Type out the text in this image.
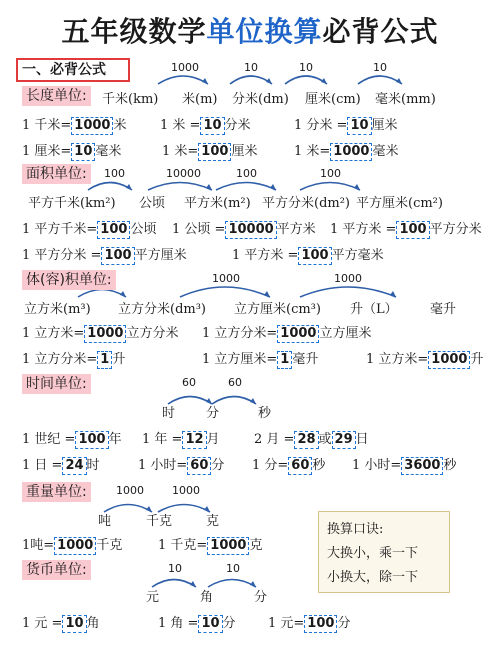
五年级数学单位换算必背公式
一、必背公式
长度单位:
1000	10	10	10
千米(km) 米(m) 分米(dm) 厘米(cm) 毫米(mm)
1 千米= 1000 米	1 米 = 10 分米	1 分米 = 10 厘米
1 厘米= 10 毫米	1 米= 100 厘米	1 米= 1000 毫米
面积单位:	100	10000	100	100
平方千米(km²) 公顷 平方米(m²) 平方分米(dm²) 平方厘米(cm²)
1 平方千米= 100 公顷 1 公顷 = 10000 平方米 1 平方米 = 100 平方分米
1 平方分米 = 100 平方厘米	1 平方米 = 100 平方毫米
体(容)积单位:	1000	1000
立方米(m³) 立方分米(dm³) 立方厘米(cm³) 升（L） 毫升
1 立方米= 1000 立方分米 1 立方分米= 1000 立方厘米
1 立方分米= 1 升	1 立方厘米= 1 毫升	1 立方米= 1000 升
时间单位:	60	60
时 分	秒
1 世纪 = 100 年 1 年 = 12 月	2 月 = 28 或 29 日
1 日 = 24 时	1 小时= 60 分 1 分= 60 秒 1 小时= 3600 秒
重量单位:	1000	1000
吨	千克	克
1吨= 1000 千克	1 千克= 1000 克
货币单位:	10	10
元	角	分
1 元 = 10 角	1 角 = 10 分 1 元= 100 分
换算口诀:
大换小，乘一下
小换大，除一下
